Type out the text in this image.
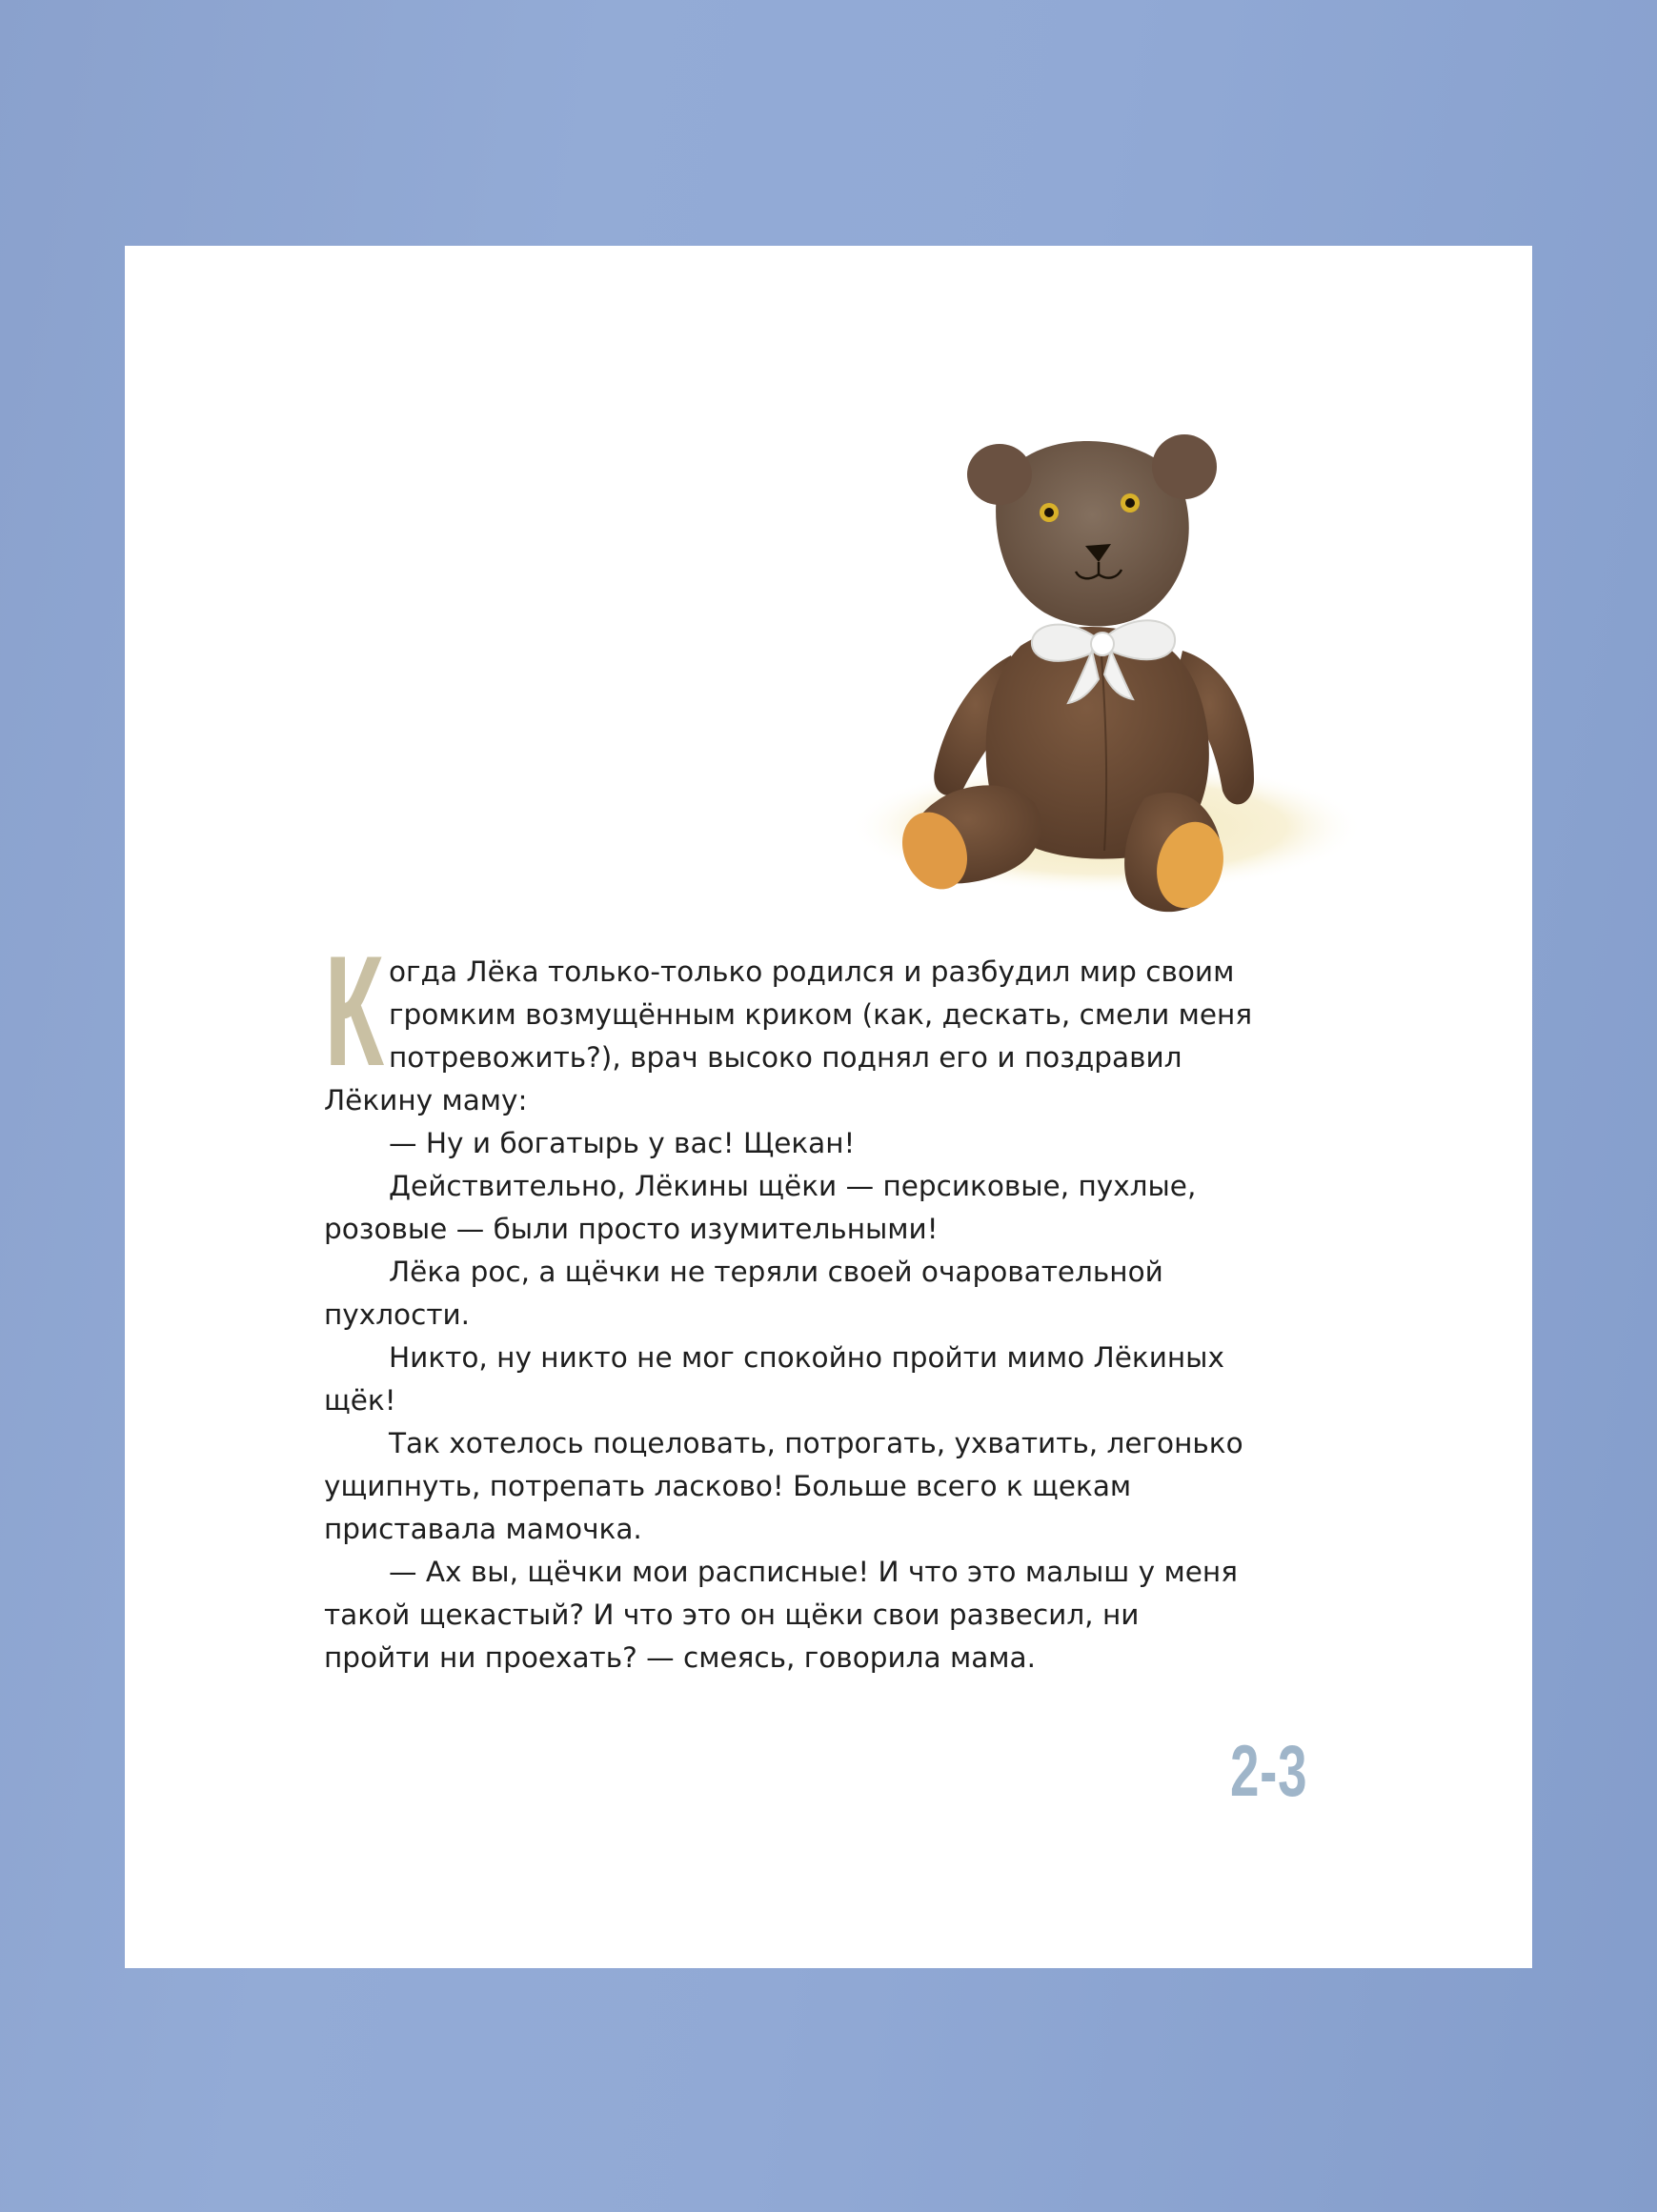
К огда Лёка только-только родился и разбудил мир своим

громким возмущённым криком (как, дескать, смели меня

потревожить?), врач высоко поднял его и поздравил

Лёкину маму:

— Ну и богатырь у вас! Щекан!

Действительно, Лёкины щёки — персиковые, пухлые,

розовые — были просто изумительными!

Лёка рос, а щёчки не теряли своей очаровательной

пухлости.

Никто, ну никто не мог спокойно пройти мимо Лёкиных

щёк!

Так хотелось поцеловать, потрогать, ухватить, легонько

ущипнуть, потрепать ласково! Больше всего к щекам

приставала мамочка.

— Ах вы, щёчки мои расписные! И что это малыш у меня

такой щекастый? И что это он щёки свои развесил, ни

пройти ни проехать? — смеясь, говорила мама.

2-3
